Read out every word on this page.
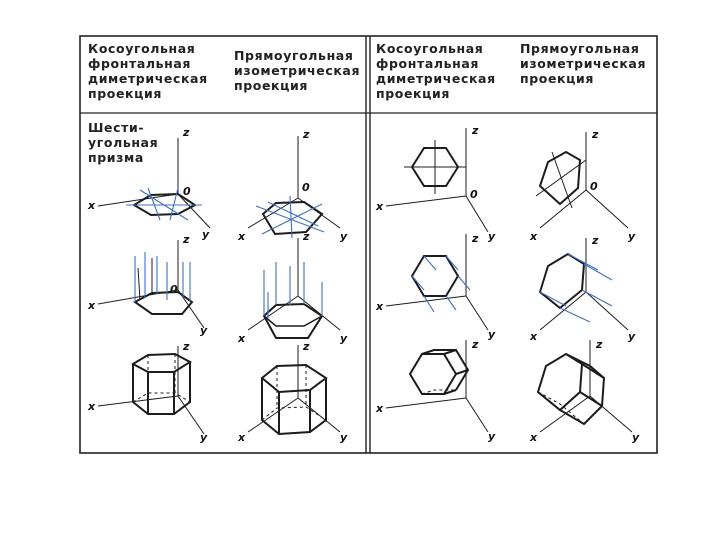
Косоугольная
фронтальная
диметрическая
проекция
Прямоугольная
изометрическая
проекция
Косоугольная
фронтальная
диметрическая
проекция
Прямоугольная
изометрическая
проекция
Шести-
угольная
призма
z
x
y
0
z
x
y
0
z
x
y
z
x	y
0
z
x	y
z
x	y
z
x
y
0
z
x
y
z
x
y
z
x	y
0
z
x	y
z
x	y
